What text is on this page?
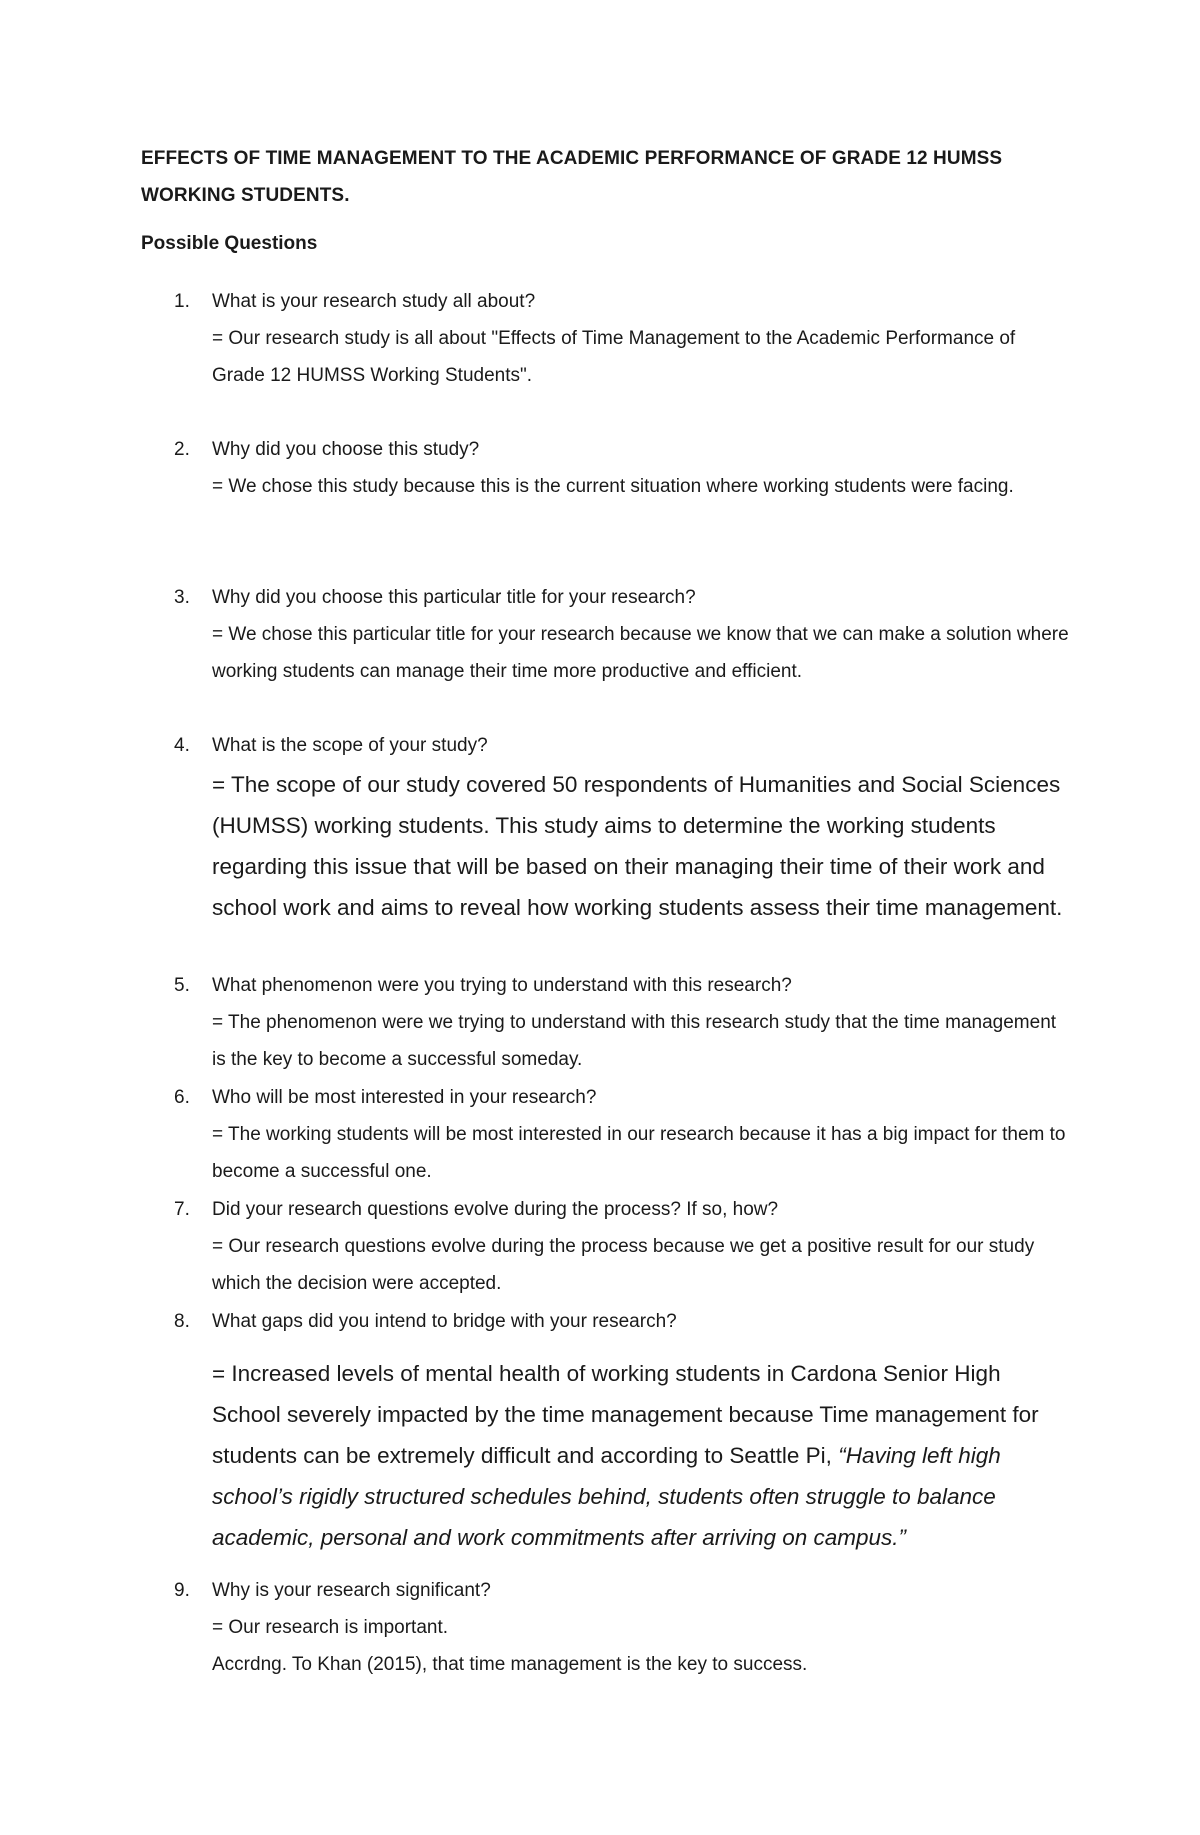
EFFECTS OF TIME MANAGEMENT TO THE ACADEMIC PERFORMANCE OF GRADE 12 HUMSS WORKING STUDENTS.
Possible Questions
1. What is your research study all about?
= Our research study is all about "Effects of Time Management to the Academic Performance of Grade 12 HUMSS Working Students".
2. Why did you choose this study?
= We chose this study because this is the current situation where working students were facing.
3. Why did you choose this particular title for your research?
= We chose this particular title for your research because we know that we can make a solution where working students can manage their time more productive and efficient.
4. What is the scope of your study?
= The scope of our study covered 50 respondents of Humanities and Social Sciences (HUMSS) working students. This study aims to determine the working students regarding this issue that will be based on their managing their time of their work and school work and aims to reveal how working students assess their time management.
5. What phenomenon were you trying to understand with this research?
= The phenomenon were we trying to understand with this research study that the time management is the key to become a successful someday.
6. Who will be most interested in your research?
= The working students will be most interested in our research because it has a big impact for them to become a successful one.
7. Did your research questions evolve during the process? If so, how?
= Our research questions evolve during the process because we get a positive result for our study which the decision were accepted.
8. What gaps did you intend to bridge with your research?
= Increased levels of mental health of working students in Cardona Senior High School severely impacted by the time management because Time management for students can be extremely difficult and according to Seattle Pi, “Having left high school’s rigidly structured schedules behind, students often struggle to balance academic, personal and work commitments after arriving on campus.”
9. Why is your research significant?
= Our research is important.
Accrdng. To Khan (2015), that time management is the key to success.
